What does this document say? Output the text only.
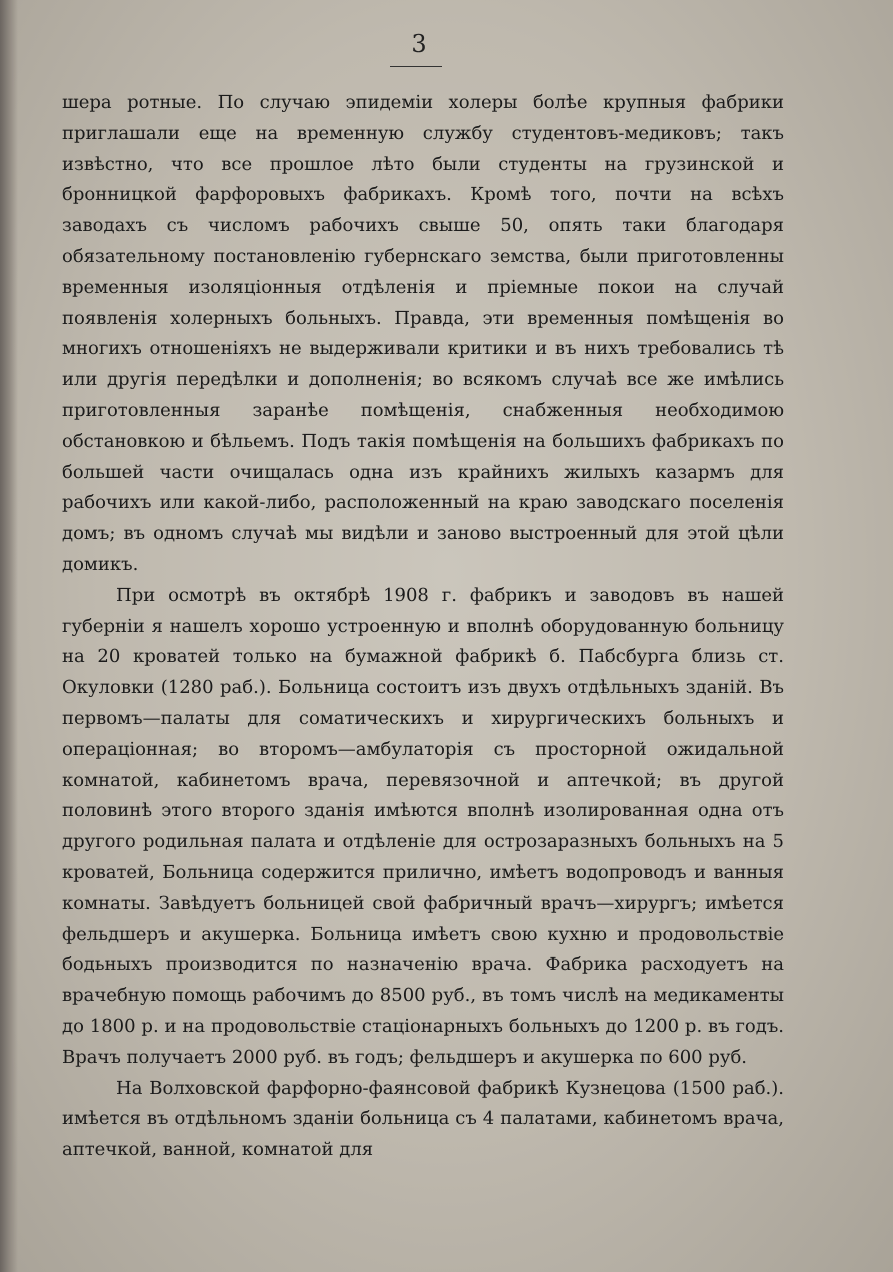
3

шера ротные. По случаю эпидеміи холеры болѣе крупныя фабрики приглашали еще на временную службу студентовъ-медиковъ; такъ извѣстно, что все прошлое лѣто были студенты на грузинской и бронницкой фарфоровыхъ фабрикахъ. Кромѣ того, почти на всѣхъ заводахъ съ числомъ рабочихъ свыше 50, опять таки благодаря обязательному постановленію губернскаго земства, были приготовленны временныя изоляціонныя отдѣленія и пріемные покои на случай появленія холерныхъ больныхъ. Правда, эти временныя помѣщенія во многихъ отношеніяхъ не выдерживали критики и въ нихъ требовались тѣ или другія передѣлки и дополненія; во всякомъ случаѣ все же имѣлись приготовленныя заранѣе помѣщенія, снабженныя необходимою обстановкою и бѣльемъ. Подъ такія помѣщенія на большихъ фабрикахъ по большей части очищалась одна изъ крайнихъ жилыхъ казармъ для рабочихъ или какой-либо, расположенный на краю заводскаго поселенія домъ; въ одномъ случаѣ мы видѣли и заново выстроенный для этой цѣли домикъ.

При осмотрѣ въ октябрѣ 1908 г. фабрикъ и заводовъ въ нашей губерніи я нашелъ хорошо устроенную и вполнѣ оборудованную больницу на 20 кроватей только на бумажной фабрикѣ б. Пабсбурга близь ст. Окуловки (1280 раб.). Больница состоитъ изъ двухъ отдѣльныхъ зданій. Въ первомъ—палаты для соматическихъ и хирургическихъ больныхъ и операціонная; во второмъ—амбулаторія съ просторной ожидальной комнатой, кабинетомъ врача, перевязочной и аптечкой; въ другой половинѣ этого второго зданія имѣются вполнѣ изолированная одна отъ другого родильная палата и отдѣленіе для острозаразныхъ больныхъ на 5 кроватей, Больница содержится прилично, имѣетъ водопроводъ и ванныя комнаты. Завѣдуетъ больницей свой фабричный врачъ—хирургъ; имѣется фельдшеръ и акушерка. Больница имѣетъ свою кухню и продовольствіе бодьныхъ производится по назначенію врача. Фабрика расходуетъ на врачебную помощь рабочимъ до 8500 руб., въ томъ числѣ на медикаменты до 1800 р. и на продовольствіе стаціонарныхъ больныхъ до 1200 р. въ годъ. Врачъ получаетъ 2000 руб. въ годъ; фельдшеръ и акушерка по 600 руб.

На Волховской фарфорно-фаянсовой фабрикѣ Кузнецова (1500 раб.). имѣется въ отдѣльномъ зданіи больница съ 4 палатами, кабинетомъ врача, аптечкой, ванной, комнатой для
